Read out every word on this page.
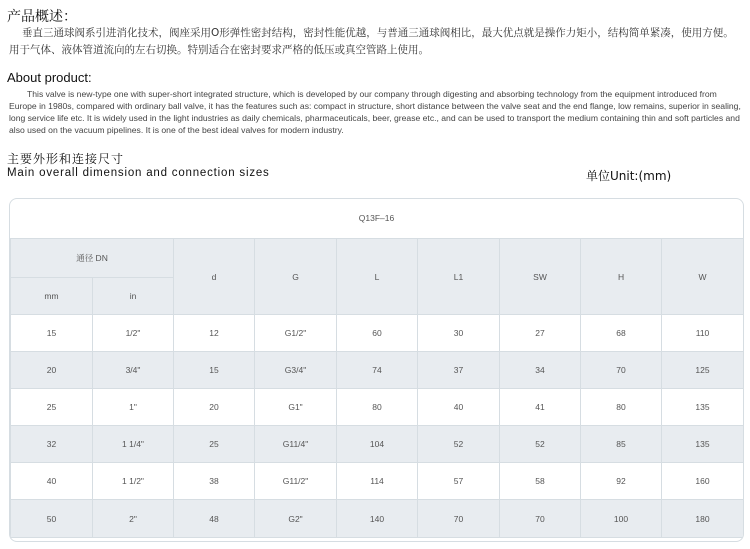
产品概述：
垂直三通球阀系引进消化技术，阀座采用O形弹性密封结构，密封性能优越，与普通三通球阀相比，最大优点就是操作力矩小，结构简单紧凑，使用方便。用于气体、液体管道流向的左右切换。特别适合在密封要求严格的低压或真空管路上使用。
About product:
This valve is new-type one with super-short integrated structure, which is developed by our company through digesting and absorbing technology from the equipment introduced from Europe in 1980s, compared with ordinary ball valve, it has the features such as: compact in structure, short distance between the valve seat and the end flange, low remains, superior in sealing, long service life etc. It is widely used in the light industries as daily chemicals, pharmaceuticals, beer, grease etc., and can be used to transport the medium containing thin and soft particles and also used on the vacuum pipelines. It is one of the best ideal valves for modern industry.
主要外形和连接尺寸
Main overall dimension and connection sizes	单位Unit:(mm)
Q13F–16
通径 DN		d	G	L	L1	SW	H	W
mm	in							
15	1/2"	12	G1/2"	60	30	27	68	110
20	3/4"	15	G3/4"	74	37	34	70	125
25	1"	20	G1"	80	40	41	80	135
32	1 1/4"	25	G11/4"	104	52	52	85	135
40	1 1/2"	38	G11/2"	114	57	58	92	160
50	2"	48	G2"	140	70	70	100	180
